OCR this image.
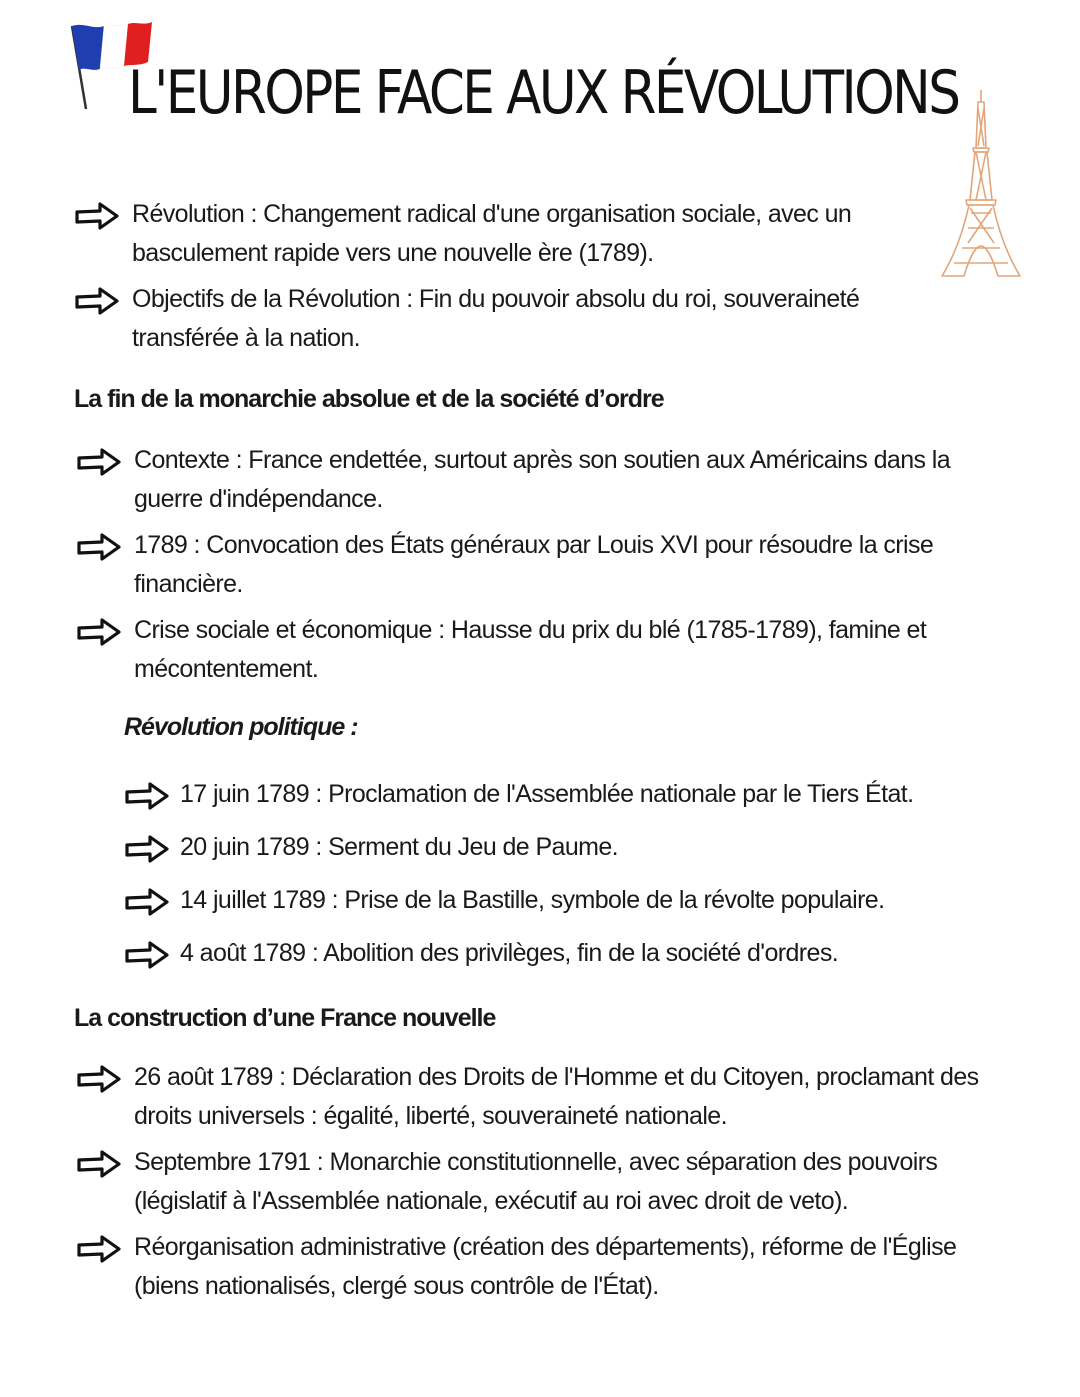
L'EUROPE FACE AUX RÉVOLUTIONS
Révolution : Changement radical d'une organisation sociale, avec un basculement rapide vers une nouvelle ère (1789).
Objectifs de la Révolution : Fin du pouvoir absolu du roi, souveraineté transférée à la nation.
La fin de la monarchie absolue et de la société d’ordre
Contexte : France endettée, surtout après son soutien aux Américains dans la guerre d'indépendance.
1789 : Convocation des États généraux par Louis XVI pour résoudre la crise financière.
Crise sociale et économique : Hausse du prix du blé (1785-1789), famine et mécontentement.
Révolution politique :
17 juin 1789 : Proclamation de l'Assemblée nationale par le Tiers État.
20 juin 1789 : Serment du Jeu de Paume.
14 juillet 1789 : Prise de la Bastille, symbole de la révolte populaire.
4 août 1789 : Abolition des privilèges, fin de la société d'ordres.
La construction d’une France nouvelle
26 août 1789 : Déclaration des Droits de l'Homme et du Citoyen, proclamant des droits universels : égalité, liberté, souveraineté nationale.
Septembre 1791 : Monarchie constitutionnelle, avec séparation des pouvoirs (législatif à l'Assemblée nationale, exécutif au roi avec droit de veto).
Réorganisation administrative (création des départements), réforme de l'Église (biens nationalisés, clergé sous contrôle de l'État).
